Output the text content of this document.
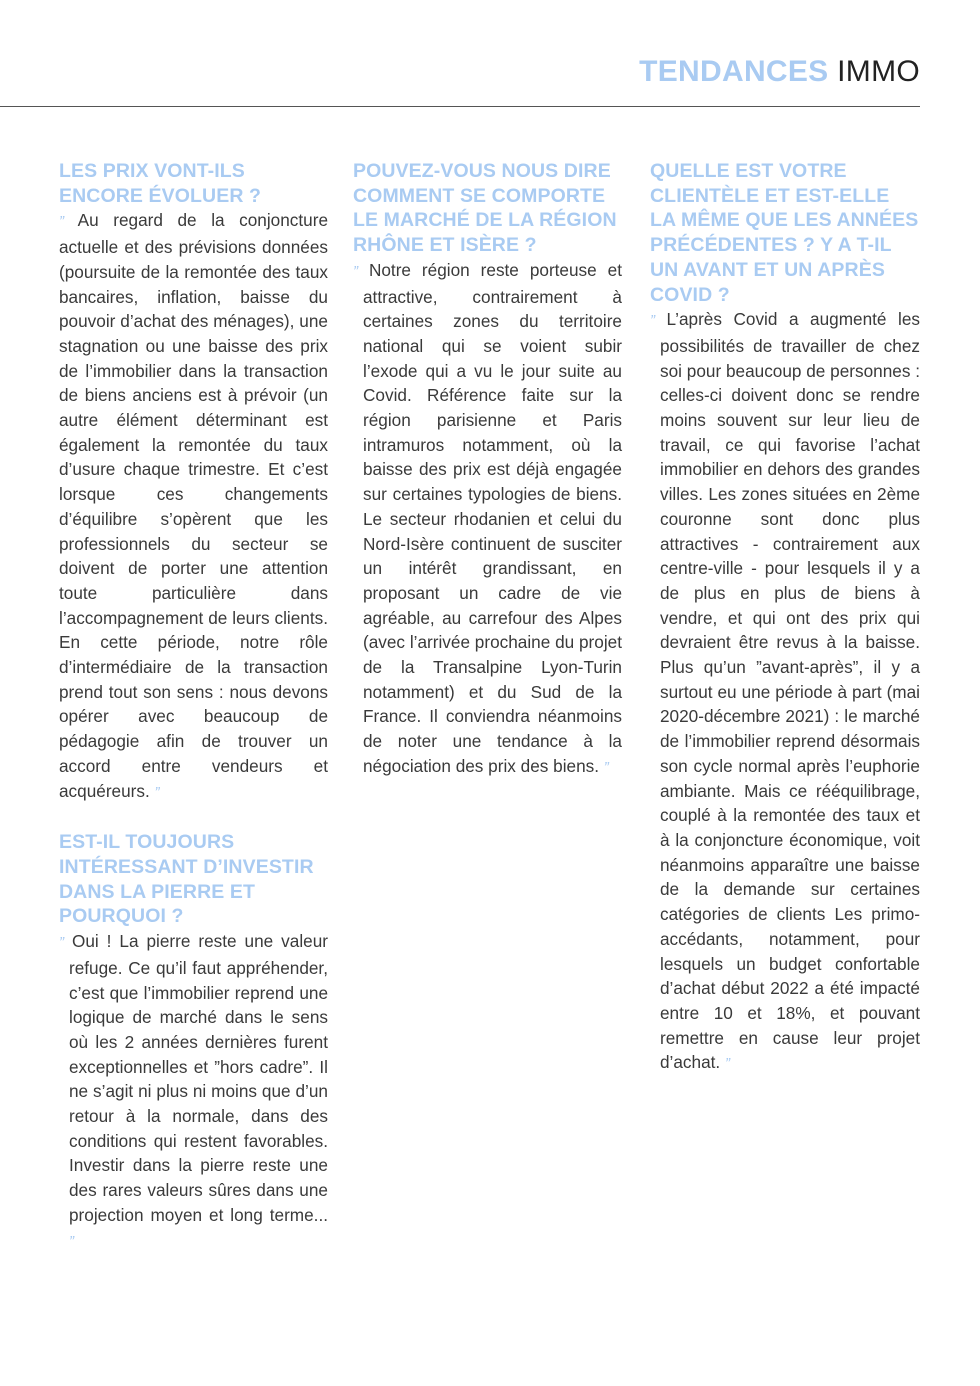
TENDANCES IMMO
LES PRIX VONT-ILS ENCORE ÉVOLUER ?

” Au regard de la conjoncture actuelle et des prévisions données (poursuite de la remontée des taux bancaires, inflation, baisse du pouvoir d’achat des ménages), une stagnation ou une baisse des prix de l’immobilier dans la transaction de biens anciens est à prévoir (un autre élément déterminant est également la remontée du taux d’usure chaque trimestre. Et c’est lorsque ces changements d’équilibre s’opèrent que les professionnels du secteur se doivent de porter une attention toute particulière dans l’accompagnement de leurs clients. En cette période, notre rôle d’intermédiaire de la transaction prend tout son sens : nous devons opérer avec beaucoup de pédagogie afin de trouver un accord entre vendeurs et acquéreurs. ”

EST-IL TOUJOURS INTÉRESSANT D’INVESTIR DANS LA PIERRE ET POURQUOI ?

” Oui ! La pierre reste une valeur refuge. Ce qu’il faut appréhender, c’est que l’immobilier reprend une logique de marché dans le sens où les 2 années dernières furent exceptionnelles et ”hors cadre”. Il ne s’agit ni plus ni moins que d’un retour à la normale, dans des conditions qui restent favorables. Investir dans la pierre reste une des rares valeurs sûres dans une projection moyen et long terme... ”

POUVEZ-VOUS NOUS DIRE COMMENT SE COMPORTE LE MARCHÉ DE LA RÉGION RHÔNE ET ISÈRE ?

” Notre région reste porteuse et attractive, contrairement à certaines zones du territoire national qui se voient subir l’exode qui a vu le jour suite au Covid. Référence faite sur la région parisienne et Paris intramuros notamment, où la baisse des prix est déjà engagée sur certaines typologies de biens. Le secteur rhodanien et celui du Nord-Isère continuent de susciter un intérêt grandissant, en proposant un cadre de vie agréable, au carrefour des Alpes (avec l’arrivée prochaine du projet de la Transalpine Lyon-Turin notamment) et du Sud de la France. Il conviendra néanmoins de noter une tendance à la négociation des prix des biens. ”

QUELLE EST VOTRE CLIENTÈLE ET EST-ELLE LA MÊME QUE LES ANNÉES PRÉCÉDENTES ? Y A T-IL UN AVANT ET UN APRÈS COVID ?

” L’après Covid a augmenté les possibilités de travailler de chez soi pour beaucoup de personnes : celles-ci doivent donc se rendre moins souvent sur leur lieu de travail, ce qui favorise l’achat immobilier en dehors des grandes villes. Les zones situées en 2ème couronne sont donc plus attractives - contrairement aux centre-ville - pour lesquels il y a de plus en plus de biens à vendre, et qui ont des prix qui devraient être revus à la baisse. Plus qu’un ”avant-après”, il y a surtout eu une période à part (mai 2020-décembre 2021) : le marché de l’immobilier reprend désormais son cycle normal après l’euphorie ambiante. Mais ce rééquilibrage, couplé à la remontée des taux et à la conjoncture économique, voit néanmoins apparaître une baisse de la demande sur certaines catégories de clients Les primo-accédants, notamment, pour lesquels un budget confortable d’achat début 2022 a été impacté entre 10 et 18%, et pouvant remettre en cause leur projet d’achat. ”
